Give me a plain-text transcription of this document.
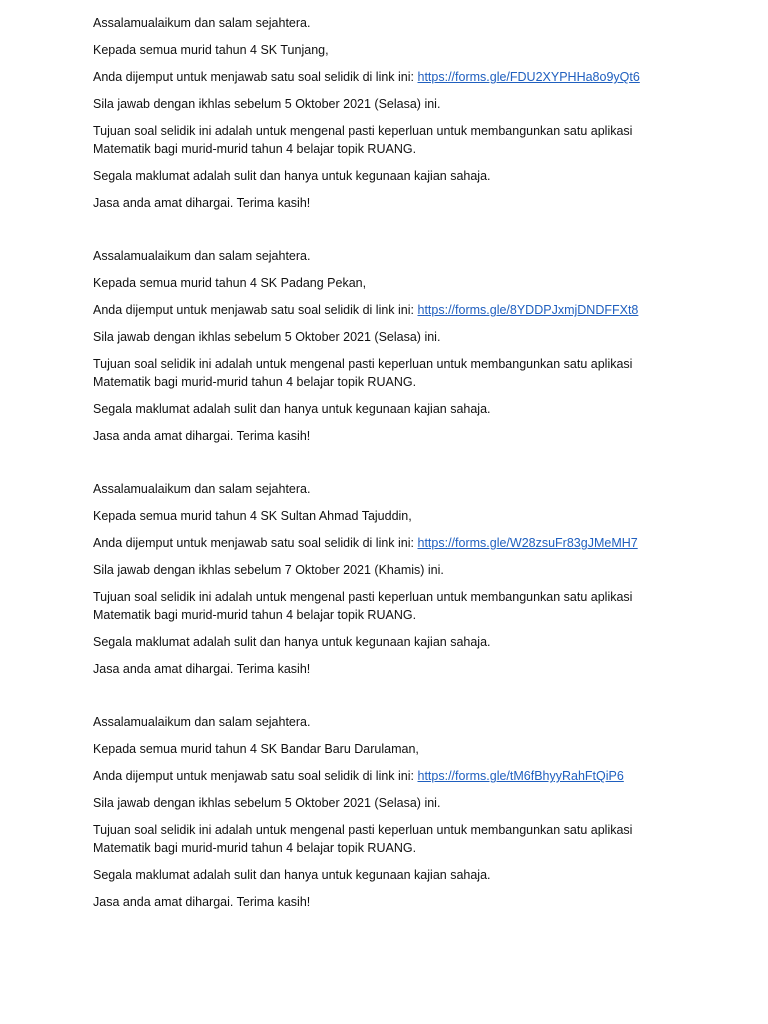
Assalamualaikum dan salam sejahtera.

Kepada semua murid tahun 4 SK Tunjang,

Anda dijemput untuk menjawab satu soal selidik di link ini: https://forms.gle/FDU2XYPHHa8o9yQt6

Sila jawab dengan ikhlas sebelum 5 Oktober 2021 (Selasa) ini.

Tujuan soal selidik ini adalah untuk mengenal pasti keperluan untuk membangunkan satu aplikasi
Matematik bagi murid-murid tahun 4 belajar topik RUANG.

Segala maklumat adalah sulit dan hanya untuk kegunaan kajian sahaja.

Jasa anda amat dihargai. Terima kasih!

Assalamualaikum dan salam sejahtera.

Kepada semua murid tahun 4 SK Padang Pekan,

Anda dijemput untuk menjawab satu soal selidik di link ini: https://forms.gle/8YDDPJxmjDNDFFXt8

Sila jawab dengan ikhlas sebelum 5 Oktober 2021 (Selasa) ini.

Tujuan soal selidik ini adalah untuk mengenal pasti keperluan untuk membangunkan satu aplikasi
Matematik bagi murid-murid tahun 4 belajar topik RUANG.

Segala maklumat adalah sulit dan hanya untuk kegunaan kajian sahaja.

Jasa anda amat dihargai. Terima kasih!

Assalamualaikum dan salam sejahtera.

Kepada semua murid tahun 4 SK Sultan Ahmad Tajuddin,

Anda dijemput untuk menjawab satu soal selidik di link ini: https://forms.gle/W28zsuFr83gJMeMH7

Sila jawab dengan ikhlas sebelum 7 Oktober 2021 (Khamis) ini.

Tujuan soal selidik ini adalah untuk mengenal pasti keperluan untuk membangunkan satu aplikasi
Matematik bagi murid-murid tahun 4 belajar topik RUANG.

Segala maklumat adalah sulit dan hanya untuk kegunaan kajian sahaja.

Jasa anda amat dihargai. Terima kasih!

Assalamualaikum dan salam sejahtera.

Kepada semua murid tahun 4 SK Bandar Baru Darulaman,

Anda dijemput untuk menjawab satu soal selidik di link ini: https://forms.gle/tM6fBhyyRahFtQiP6

Sila jawab dengan ikhlas sebelum 5 Oktober 2021 (Selasa) ini.

Tujuan soal selidik ini adalah untuk mengenal pasti keperluan untuk membangunkan satu aplikasi
Matematik bagi murid-murid tahun 4 belajar topik RUANG.

Segala maklumat adalah sulit dan hanya untuk kegunaan kajian sahaja.

Jasa anda amat dihargai. Terima kasih!
